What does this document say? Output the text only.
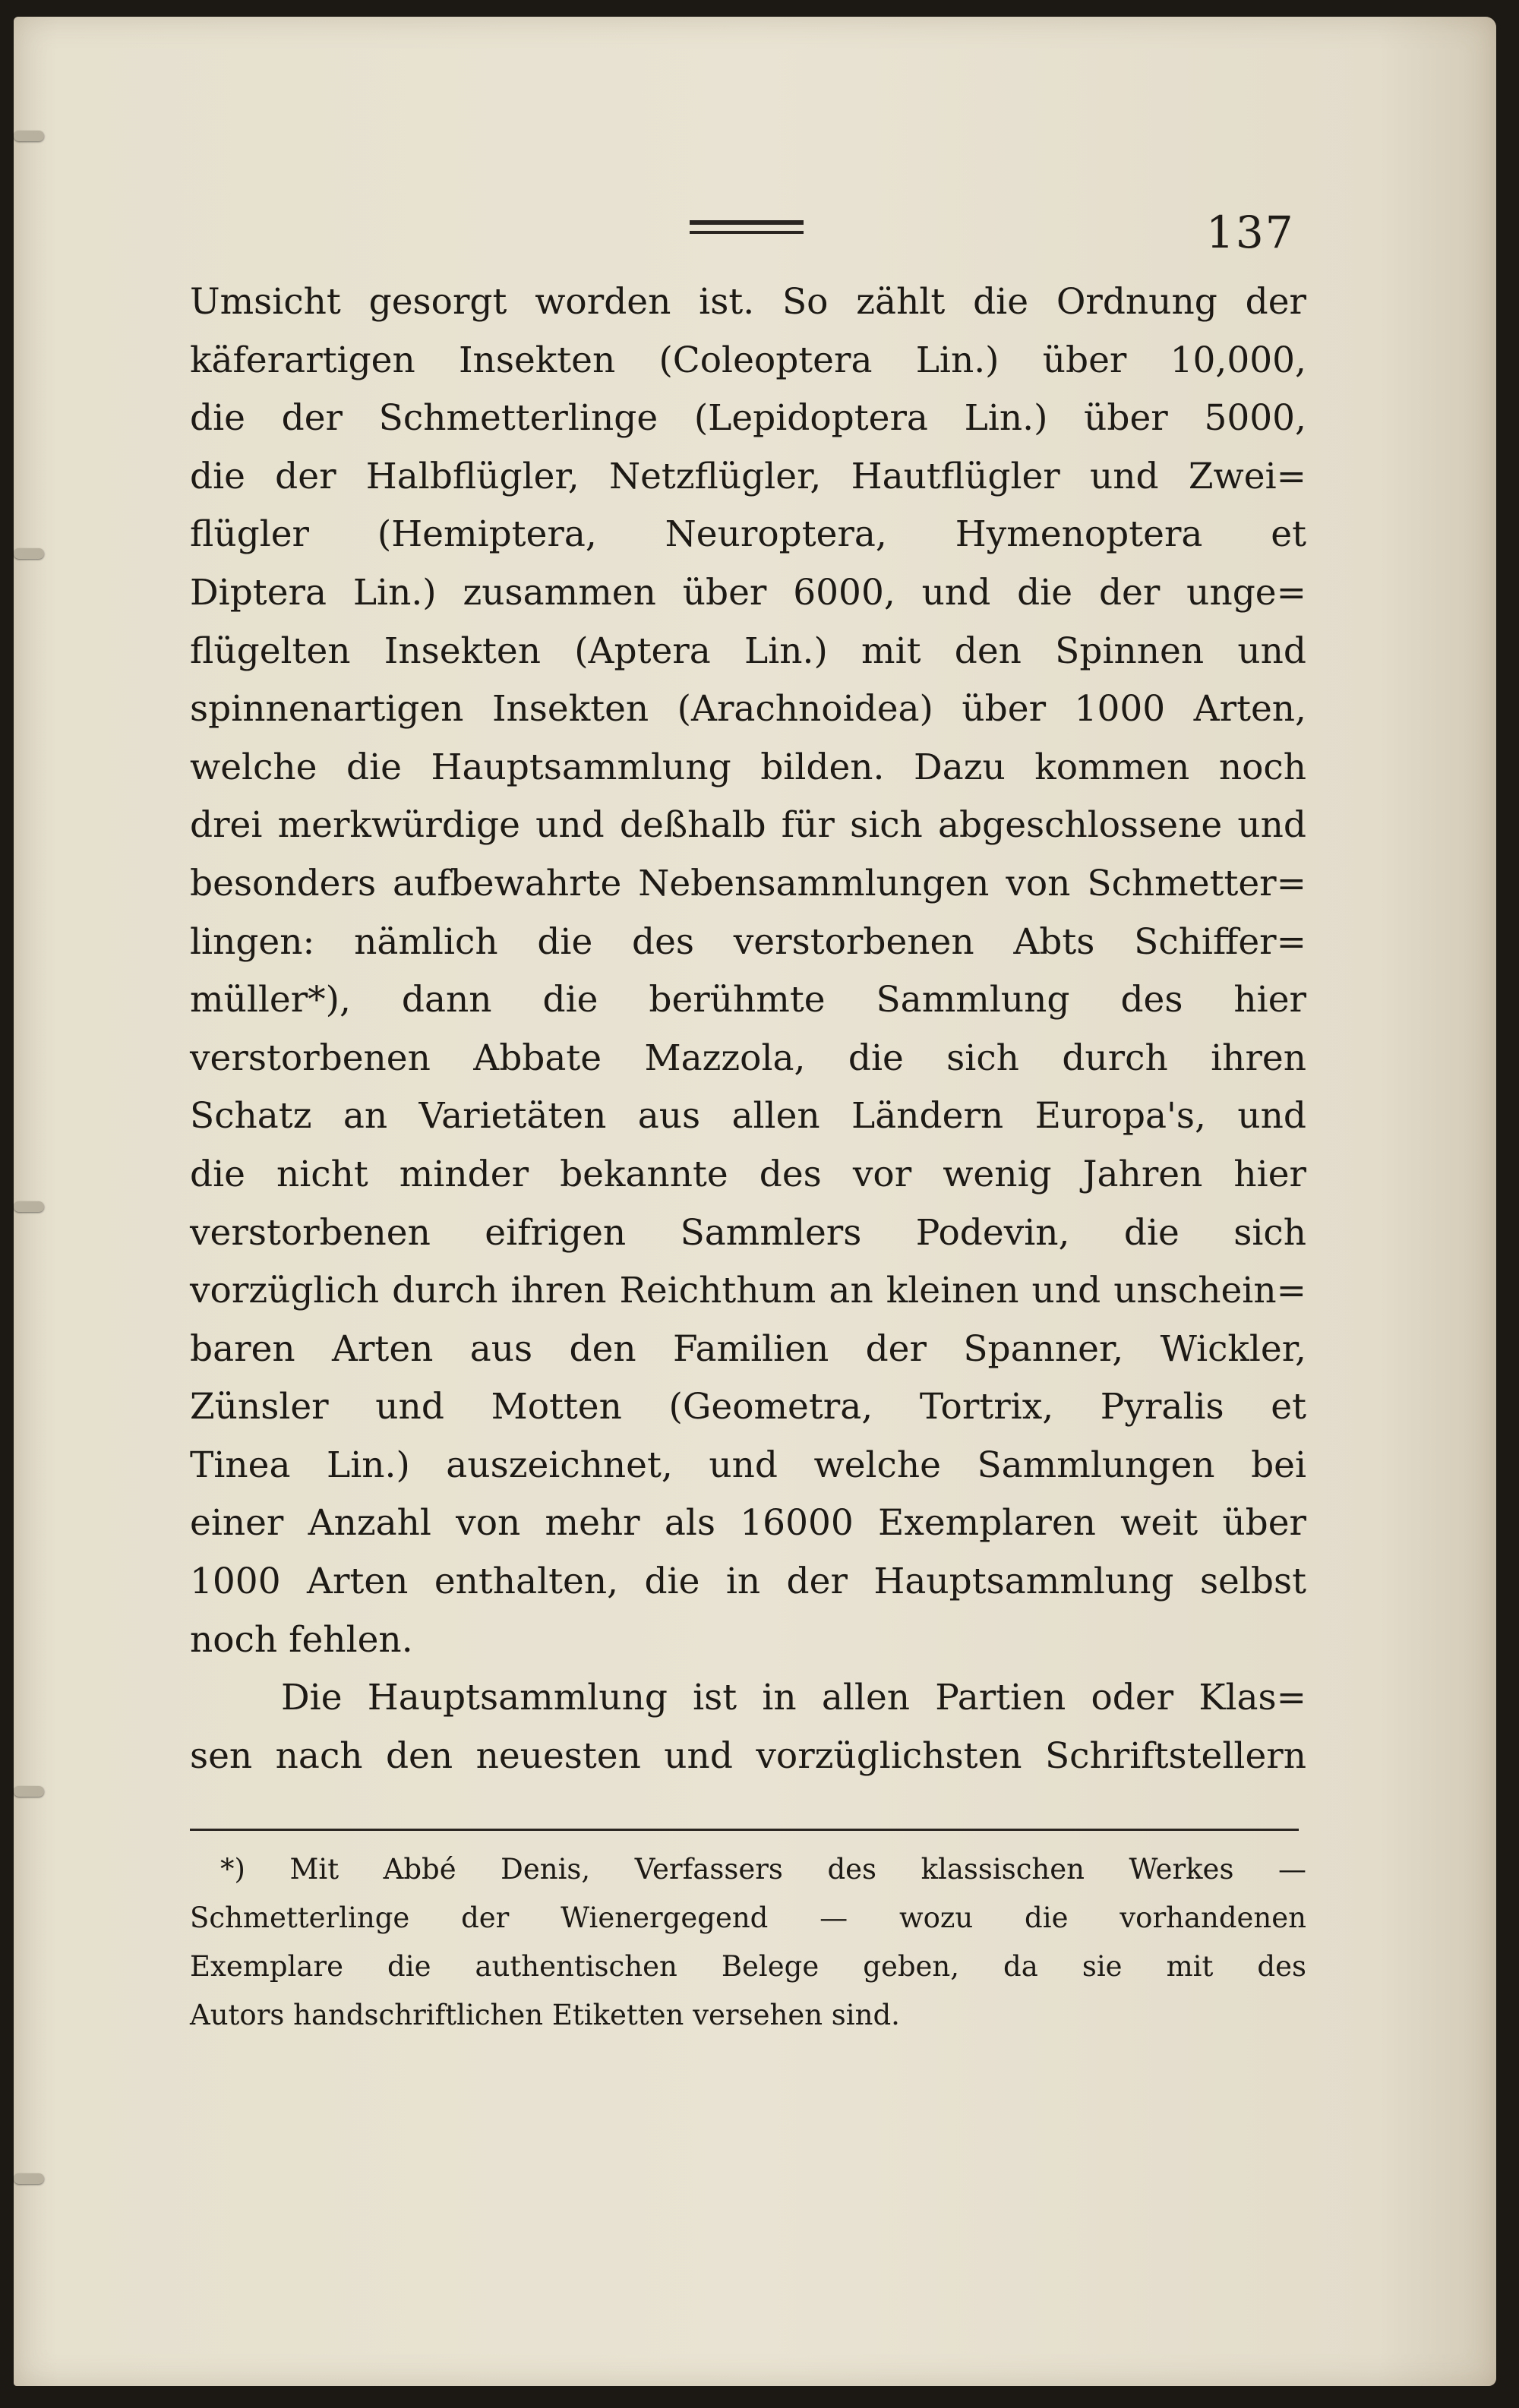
137
Umsicht gesorgt worden ist. So zählt die Ordnung der
käferartigen Insekten (Coleoptera Lin.) über 10,000,
die der Schmetterlinge (Lepidoptera Lin.) über 5000,
die der Halbflügler, Netzflügler, Hautflügler und Zwei=
flügler (Hemiptera, Neuroptera, Hymenoptera et
Diptera Lin.) zusammen über 6000, und die der unge=
flügelten Insekten (Aptera Lin.) mit den Spinnen und
spinnenartigen Insekten (Arachnoidea) über 1000 Arten,
welche die Hauptsammlung bilden. Dazu kommen noch
drei merkwürdige und deßhalb für sich abgeschlossene und
besonders aufbewahrte Nebensammlungen von Schmetter=
lingen: nämlich die des verstorbenen Abts Schiffer=
müller*), dann die berühmte Sammlung des hier
verstorbenen Abbate Mazzola, die sich durch ihren
Schatz an Varietäten aus allen Ländern Europa's, und
die nicht minder bekannte des vor wenig Jahren hier
verstorbenen eifrigen Sammlers Podevin, die sich
vorzüglich durch ihren Reichthum an kleinen und unschein=
baren Arten aus den Familien der Spanner, Wickler,
Zünsler und Motten (Geometra, Tortrix, Pyralis et
Tinea Lin.) auszeichnet, und welche Sammlungen bei
einer Anzahl von mehr als 16000 Exemplaren weit über
1000 Arten enthalten, die in der Hauptsammlung selbst
noch fehlen.
Die Hauptsammlung ist in allen Partien oder Klas=
sen nach den neuesten und vorzüglichsten Schriftstellern
*) Mit Abbé Denis, Verfassers des klassischen Werkes —
Schmetterlinge der Wienergegend — wozu die vorhandenen
Exemplare die authentischen Belege geben, da sie mit des
Autors handschriftlichen Etiketten versehen sind.
